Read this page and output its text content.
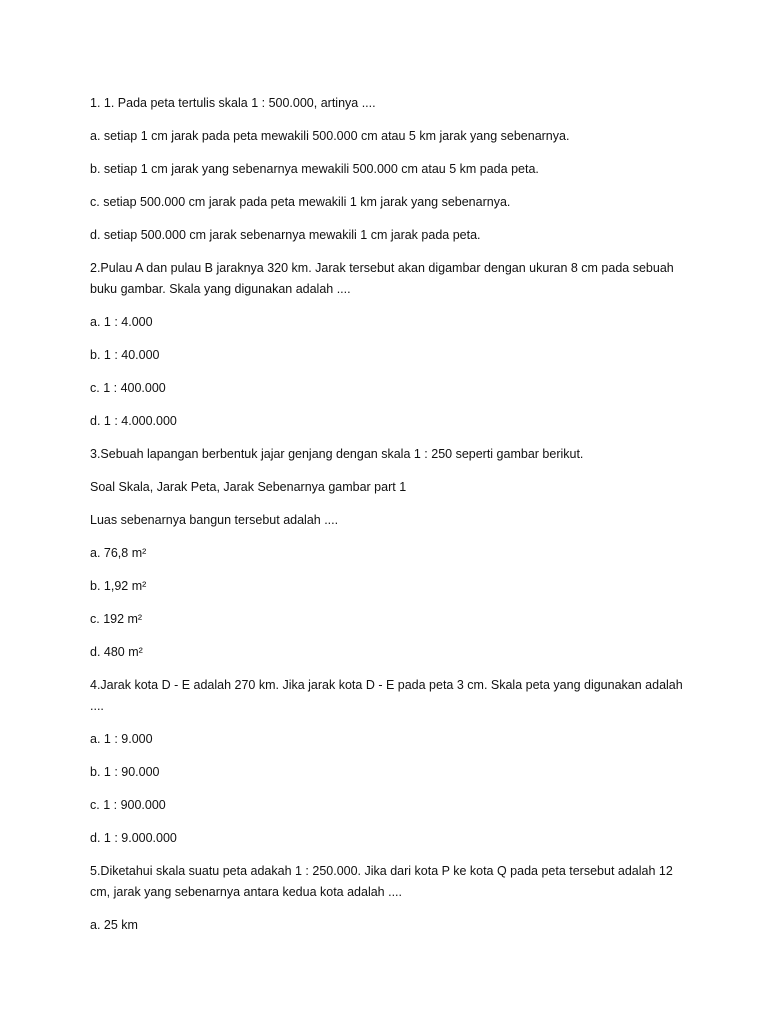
1. 1. Pada peta tertulis skala 1 : 500.000, artinya ....

a. setiap 1 cm jarak pada peta mewakili 500.000 cm atau 5 km jarak yang sebenarnya.

b. setiap 1 cm jarak yang sebenarnya mewakili 500.000 cm atau 5 km pada peta.

c. setiap 500.000 cm jarak pada peta mewakili 1 km jarak yang sebenarnya.

d. setiap 500.000 cm jarak sebenarnya mewakili 1 cm jarak pada peta.

2.Pulau A dan pulau B jaraknya 320 km. Jarak tersebut akan digambar dengan ukuran 8 cm pada sebuah buku gambar. Skala yang digunakan adalah ....

a. 1 : 4.000

b. 1 : 40.000

c. 1 : 400.000

d. 1 : 4.000.000

3.Sebuah lapangan berbentuk jajar genjang dengan skala 1 : 250 seperti gambar berikut.

Soal Skala, Jarak Peta, Jarak Sebenarnya gambar part 1

Luas sebenarnya bangun tersebut adalah ....

a. 76,8 m²

b. 1,92 m²

c. 192 m²

d. 480 m²

4.Jarak kota D - E adalah 270 km. Jika jarak kota D - E pada peta 3 cm. Skala peta yang digunakan adalah ....

a. 1 : 9.000

b. 1 : 90.000

c. 1 : 900.000

d. 1 : 9.000.000

5.Diketahui skala suatu peta adakah 1 : 250.000. Jika dari kota P ke kota Q pada peta tersebut adalah 12 cm, jarak yang sebenarnya antara kedua kota adalah ....

a. 25 km
